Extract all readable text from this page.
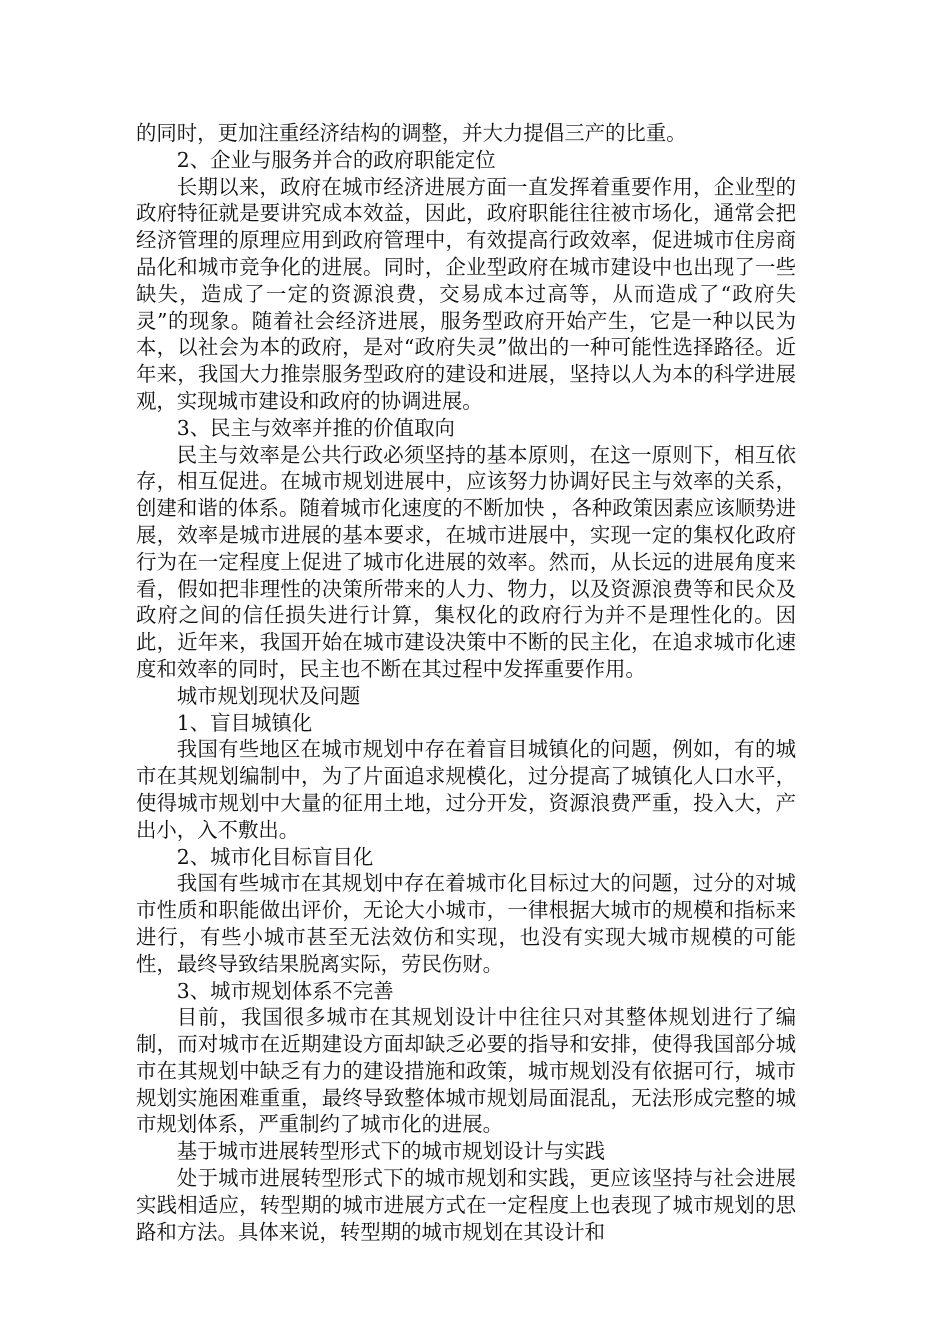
的同时，更加注重经济结构的调整，并大力提倡三产的比重。

2、企业与服务并合的政府职能定位

长期以来，政府在城市经济进展方面一直发挥着重要作用，企业型的政府特征就是要讲究成本效益，因此，政府职能往往被市场化，通常会把经济管理的原理应用到政府管理中，有效提高行政效率，促进城市住房商品化和城市竞争化的进展。同时，企业型政府在城市建设中也出现了一些缺失，造成了一定的资源浪费，交易成本过高等，从而造成了“政府失灵”的现象。随着社会经济进展，服务型政府开始产生，它是一种以民为本，以社会为本的政府，是对“政府失灵”做出的一种可能性选择路径。近年来，我国大力推崇服务型政府的建设和进展，坚持以人为本的科学进展观，实现城市建设和政府的协调进展。

3、民主与效率并推的价值取向

民主与效率是公共行政必须坚持的基本原则，在这一原则下，相互依存，相互促进。在城市规划进展中，应该努力协调好民主与效率的关系，创建和谐的体系。随着城市化速度的不断加快 ，各种政策因素应该顺势进展，效率是城市进展的基本要求，在城市进展中，实现一定的集权化政府行为在一定程度上促进了城市化进展的效率。然而，从长远的进展角度来看，假如把非理性的决策所带来的人力、物力，以及资源浪费等和民众及政府之间的信任损失进行计算，集权化的政府行为并不是理性化的。因此，近年来，我国开始在城市建设决策中不断的民主化，在追求城市化速度和效率的同时，民主也不断在其过程中发挥重要作用。

城市规划现状及问题

1、盲目城镇化

我国有些地区在城市规划中存在着盲目城镇化的问题，例如，有的城市在其规划编制中，为了片面追求规模化，过分提高了城镇化人口水平，使得城市规划中大量的征用土地，过分开发，资源浪费严重，投入大，产出小，入不敷出。

2、城市化目标盲目化

我国有些城市在其规划中存在着城市化目标过大的问题，过分的对城市性质和职能做出评价，无论大小城市，一律根据大城市的规模和指标来进行，有些小城市甚至无法效仿和实现，也没有实现大城市规模的可能性，最终导致结果脱离实际，劳民伤财。

3、城市规划体系不完善

目前，我国很多城市在其规划设计中往往只对其整体规划进行了编制，而对城市在近期建设方面却缺乏必要的指导和安排，使得我国部分城市在其规划中缺乏有力的建设措施和政策，城市规划没有依据可行，城市规划实施困难重重，最终导致整体城市规划局面混乱，无法形成完整的城市规划体系，严重制约了城市化的进展。

基于城市进展转型形式下的城市规划设计与实践

处于城市进展转型形式下的城市规划和实践，更应该坚持与社会进展实践相适应，转型期的城市进展方式在一定程度上也表现了城市规划的思路和方法。具体来说，转型期的城市规划在其设计和
